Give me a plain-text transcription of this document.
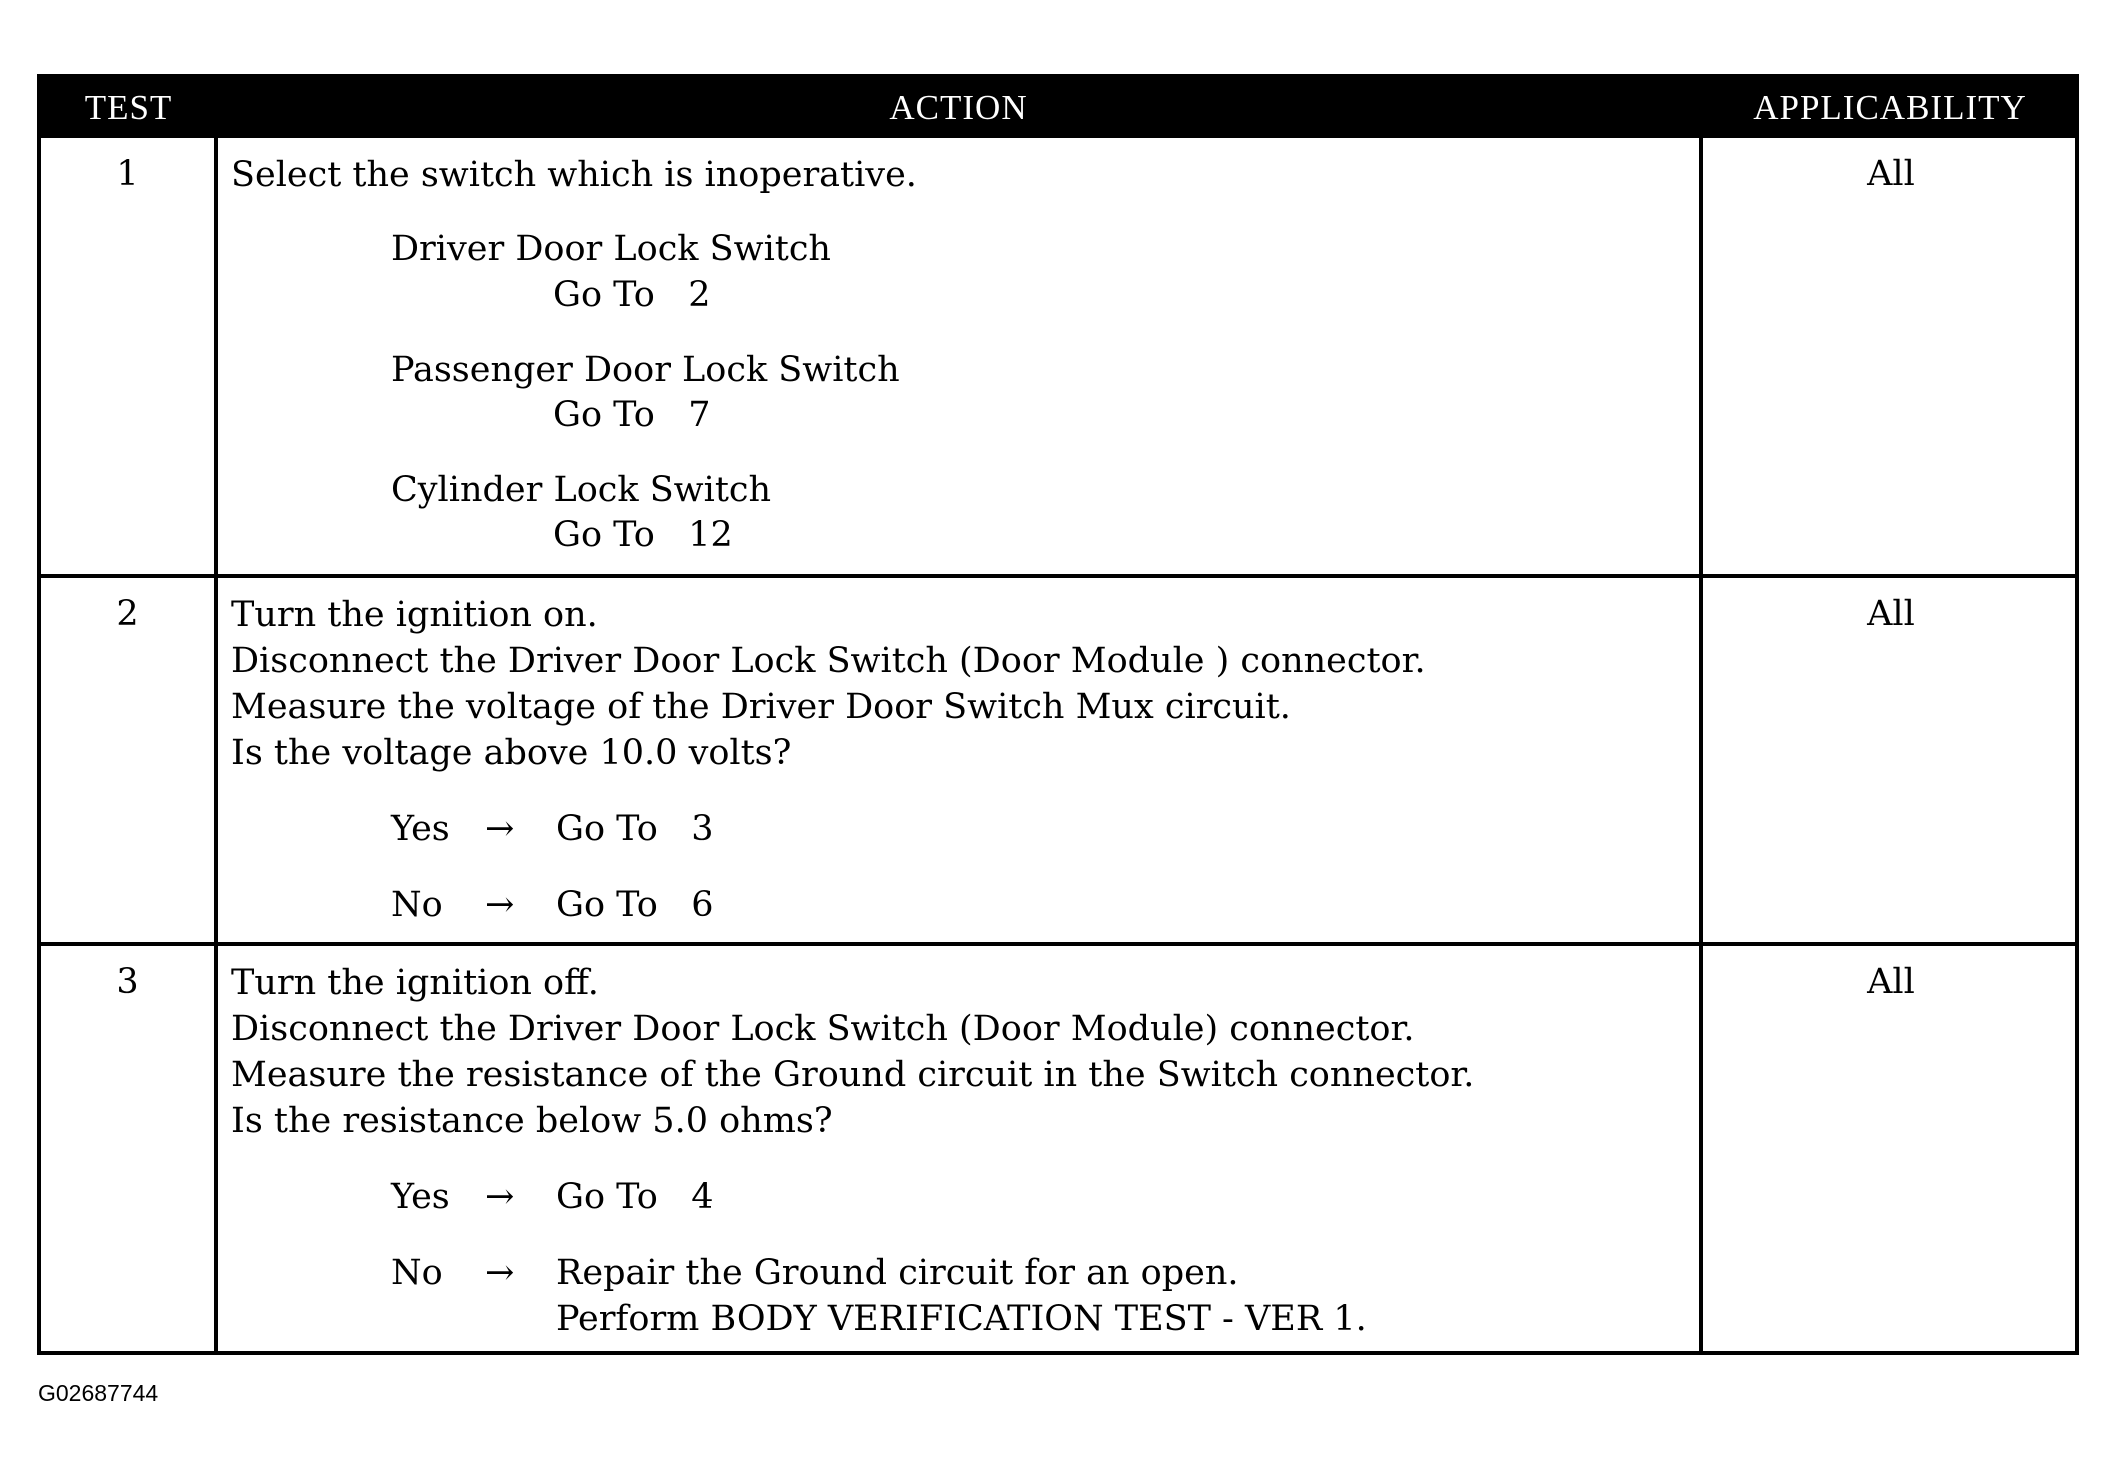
TEST	ACTION	APPLICABILITY
1	Select the switch which is inoperative.
Driver Door Lock Switch
Go To   2
Passenger Door Lock Switch
Go To   7
Cylinder Lock Switch
Go To   12
All
2	Turn the ignition on.
Disconnect the Driver Door Lock Switch (Door Module ) connector.
Measure the voltage of the Driver Door Switch Mux circuit.
Is the voltage above 10.0 volts?
Yes → Go To   3
No → Go To   6
All
3	Turn the ignition off.
Disconnect the Driver Door Lock Switch (Door Module) connector.
Measure the resistance of the Ground circuit in the Switch connector.
Is the resistance below 5.0 ohms?
Yes → Go To   4
No → Repair the Ground circuit for an open.
Perform BODY VERIFICATION TEST - VER 1.
All
G02687744
